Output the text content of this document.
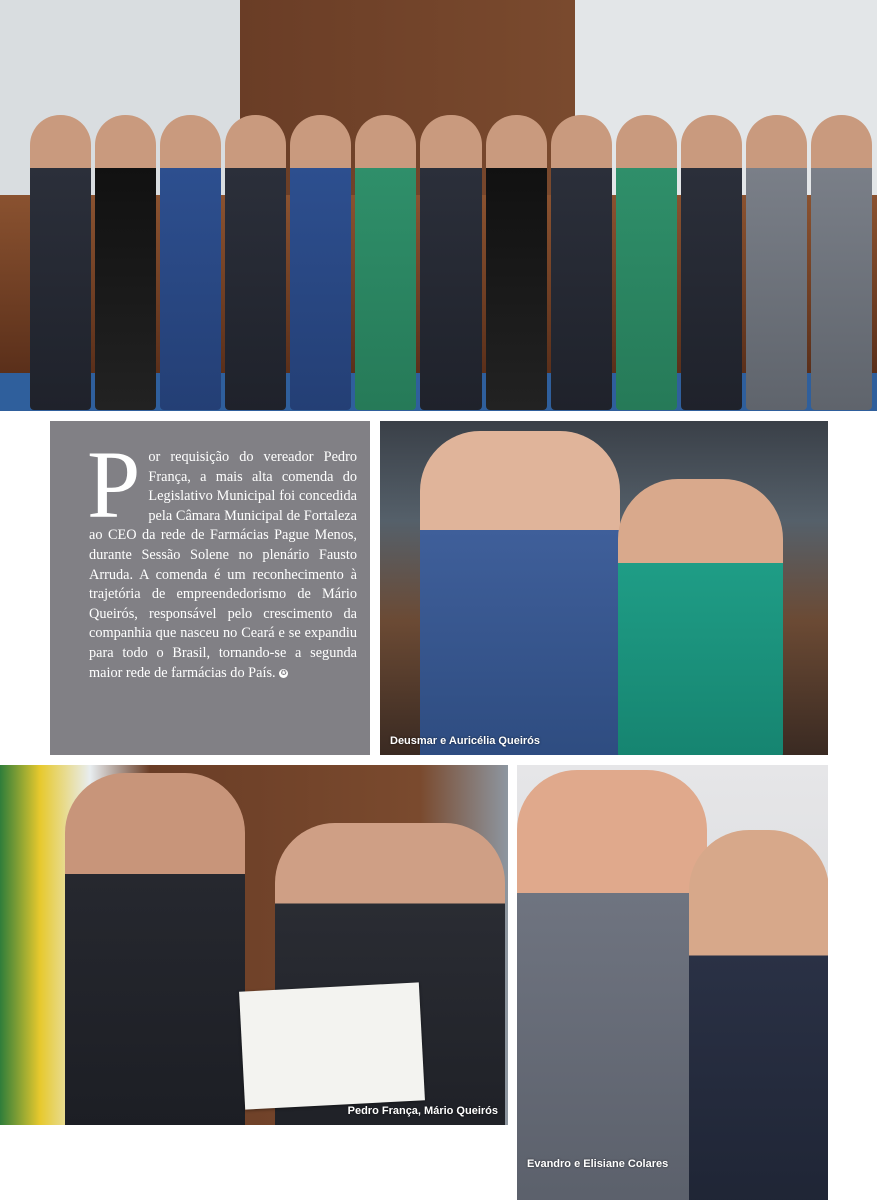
Por requisição do vereador Pedro França, a mais alta comenda do Legislativo Municipal foi concedida pela Câmara Municipal de Fortaleza ao CEO da rede de Farmácias Pague Menos, durante Sessão Solene no plenário Fausto Arruda. A comenda é um reconhecimento à trajetória de empreendedorismo de Mário Queirós, responsável pelo crescimento da companhia que nasceu no Ceará e se expandiu para todo o Brasil, tornando-se a segunda maior rede de farmácias do País. ✪
Deusmar e Auricélia Queirós
Pedro França, Mário Queirós
Evandro e Elisiane Colares
